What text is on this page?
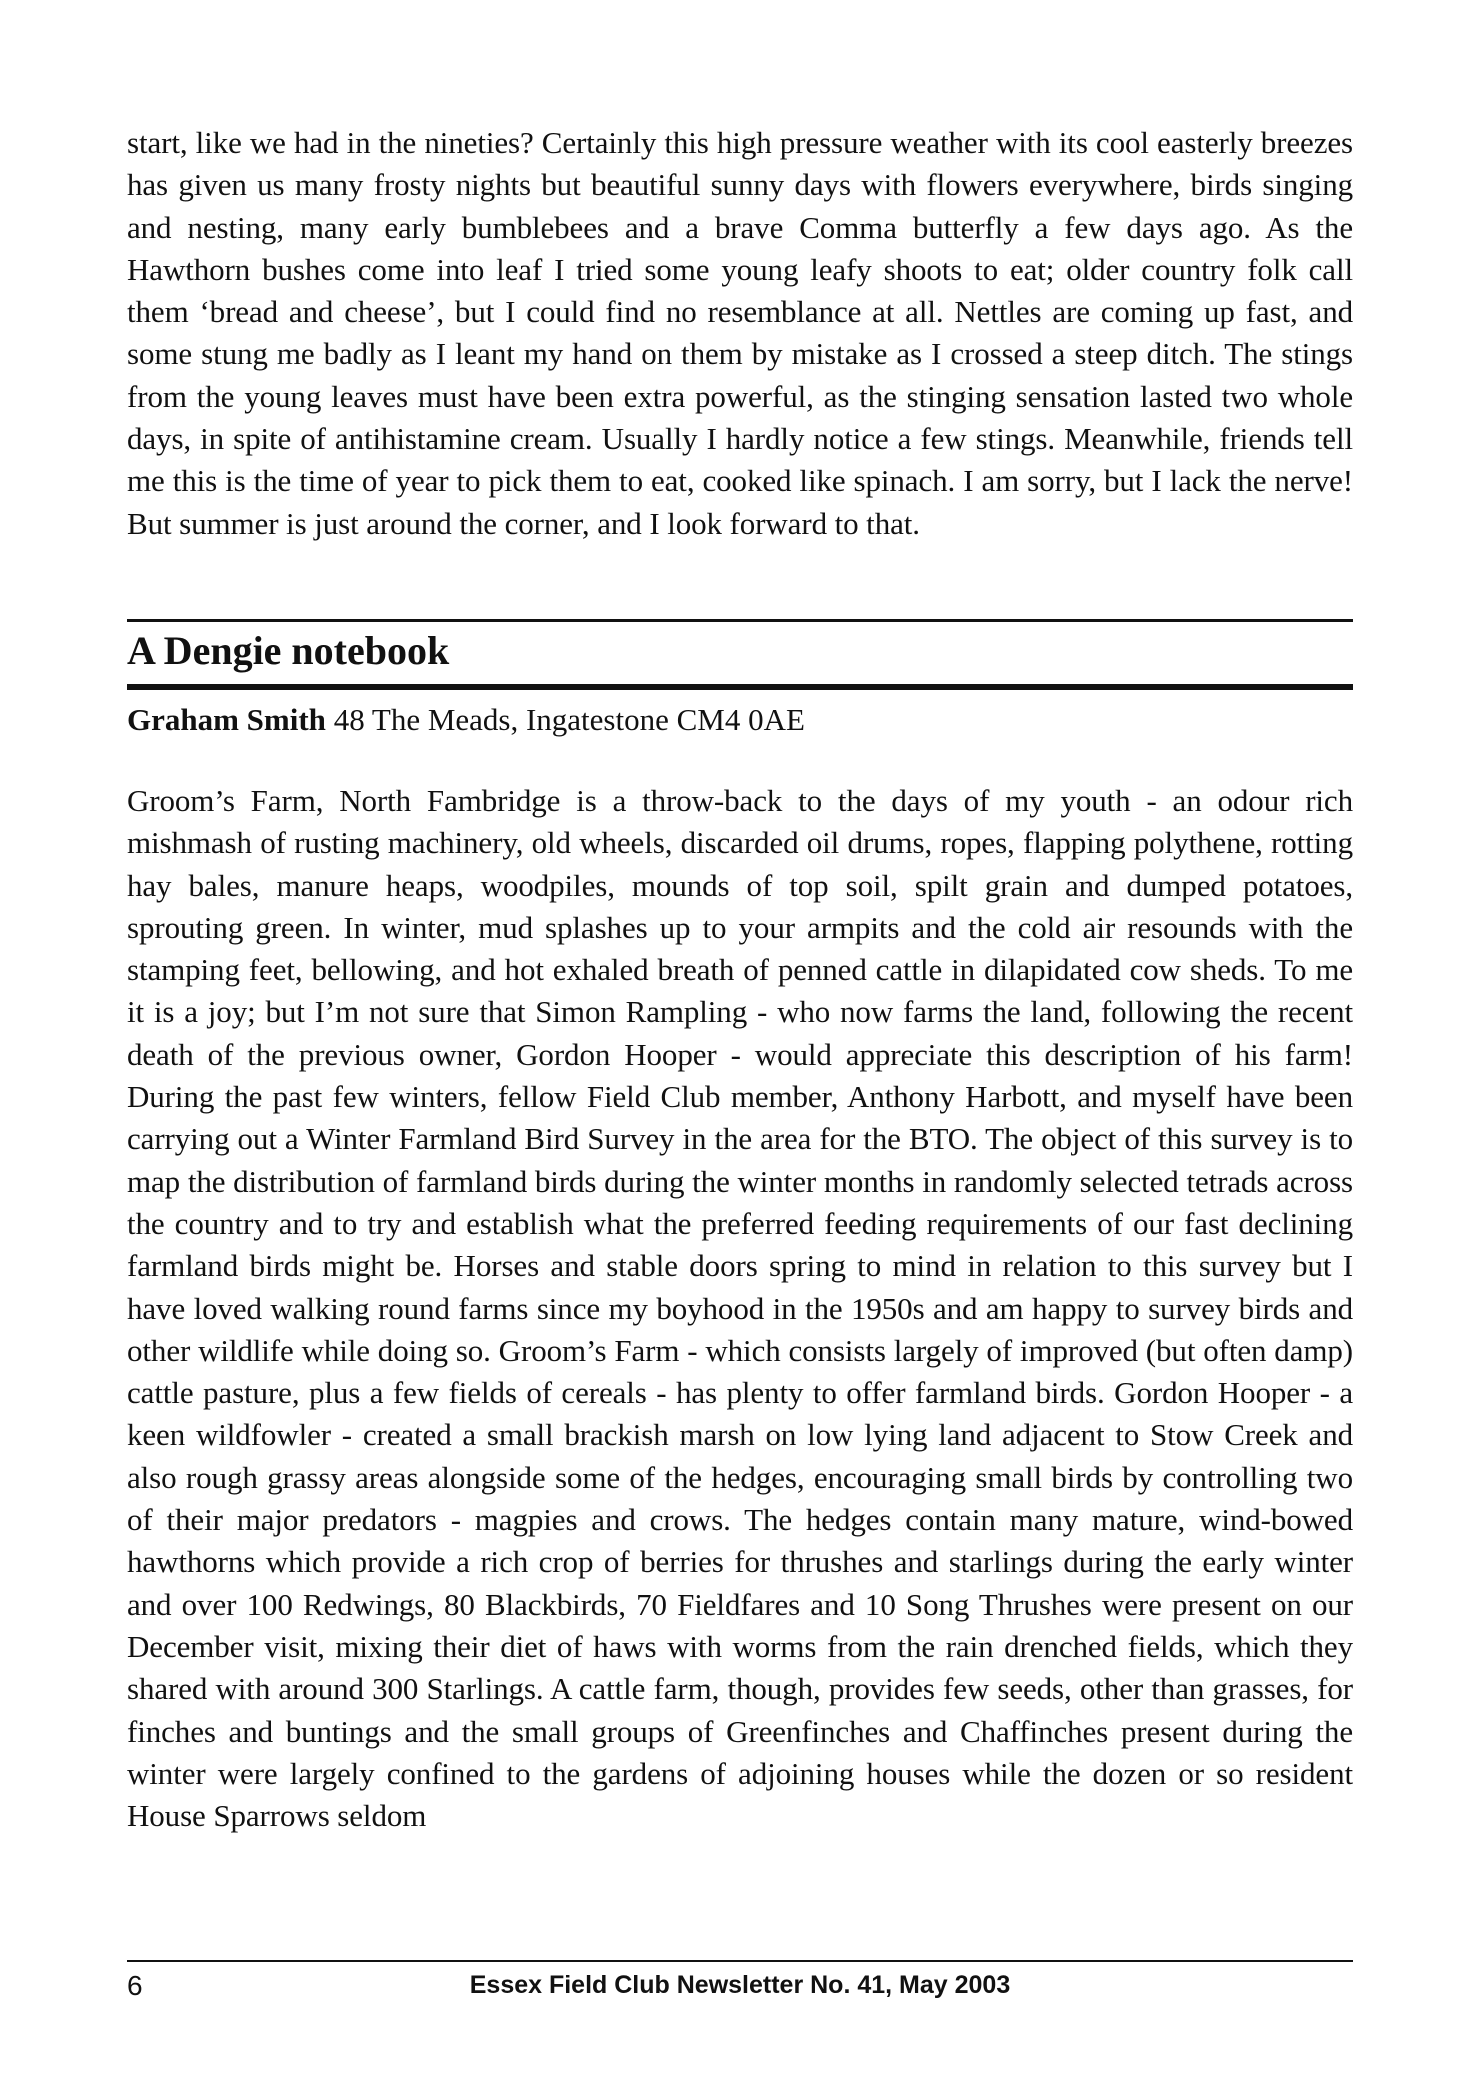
start, like we had in the nineties? Certainly this high pressure weather with its cool easterly breezes has given us many frosty nights but beautiful sunny days with flowers everywhere, birds singing and nesting, many early bumblebees and a brave Comma butterfly a few days ago. As the Hawthorn bushes come into leaf I tried some young leafy shoots to eat; older country folk call them ‘bread and cheese’, but I could find no resemblance at all. Nettles are coming up fast, and some stung me badly as I leant my hand on them by mistake as I crossed a steep ditch. The stings from the young leaves must have been extra powerful, as the stinging sensation lasted two whole days, in spite of antihistamine cream. Usually I hardly notice a few stings. Meanwhile, friends tell me this is the time of year to pick them to eat, cooked like spinach. I am sorry, but I lack the nerve! But summer is just around the corner, and I look forward to that.

A Dengie notebook

Graham Smith 48 The Meads, Ingatestone CM4 0AE

Groom’s Farm, North Fambridge is a throw-back to the days of my youth - an odour rich mishmash of rusting machinery, old wheels, discarded oil drums, ropes, flapping polythene, rotting hay bales, manure heaps, woodpiles, mounds of top soil, spilt grain and dumped potatoes, sprouting green. In winter, mud splashes up to your armpits and the cold air resounds with the stamping feet, bellowing, and hot exhaled breath of penned cattle in dilapidated cow sheds. To me it is a joy; but I’m not sure that Simon Rampling - who now farms the land, following the recent death of the previous owner, Gordon Hooper - would appreciate this description of his farm! During the past few winters, fellow Field Club member, Anthony Harbott, and myself have been carrying out a Winter Farmland Bird Survey in the area for the BTO. The object of this survey is to map the distribution of farmland birds during the winter months in randomly selected tetrads across the country and to try and establish what the preferred feeding requirements of our fast declining farmland birds might be. Horses and stable doors spring to mind in relation to this survey but I have loved walking round farms since my boyhood in the 1950s and am happy to survey birds and other wildlife while doing so. Groom’s Farm - which consists largely of improved (but often damp) cattle pasture, plus a few fields of cereals - has plenty to offer farmland birds. Gordon Hooper - a keen wildfowler - created a small brackish marsh on low lying land adjacent to Stow Creek and also rough grassy areas alongside some of the hedges, encouraging small birds by controlling two of their major predators - magpies and crows. The hedges contain many mature, wind-bowed hawthorns which provide a rich crop of berries for thrushes and starlings during the early winter and over 100 Redwings, 80 Blackbirds, 70 Fieldfares and 10 Song Thrushes were present on our December visit, mixing their diet of haws with worms from the rain drenched fields, which they shared with around 300 Starlings. A cattle farm, though, provides few seeds, other than grasses, for finches and buntings and the small groups of Greenfinches and Chaffinches present during the winter were largely confined to the gardens of adjoining houses while the dozen or so resident House Sparrows seldom

6	Essex Field Club Newsletter No. 41, May 2003
